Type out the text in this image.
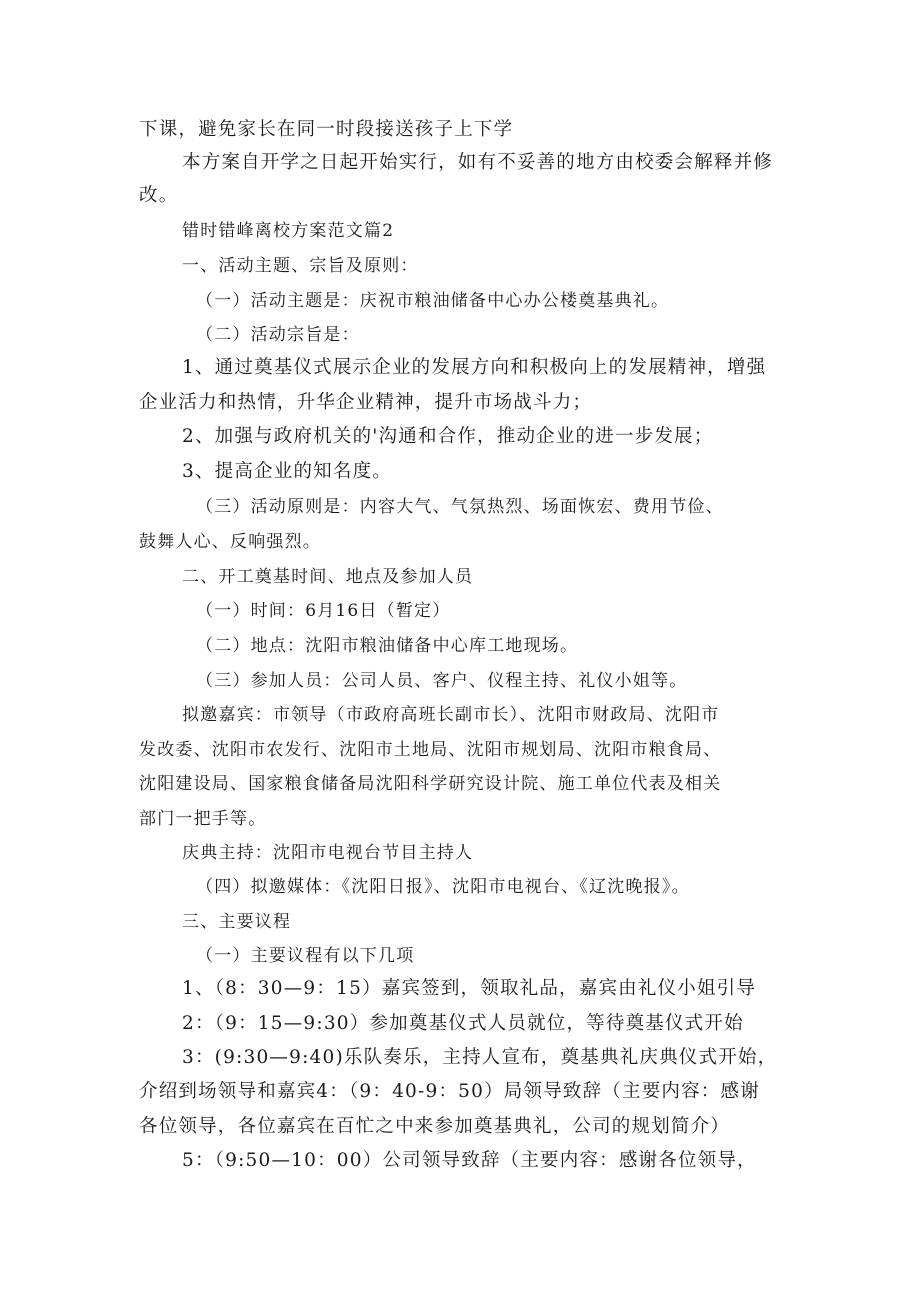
下课，避免家长在同一时段接送孩子上下学
本方案自开学之日起开始实行，如有不妥善的地方由校委会解释并修
改。
错时错峰离校方案范文篇2
一、活动主题、宗旨及原则：
（一）活动主题是：庆祝市粮油储备中心办公楼奠基典礼。
（二）活动宗旨是：
1、通过奠基仪式展示企业的发展方向和积极向上的发展精神，增强
企业活力和热情，升华企业精神，提升市场战斗力；
2、加强与政府机关的'沟通和合作，推动企业的进一步发展；
3、提高企业的知名度。
（三）活动原则是：内容大气、气氛热烈、场面恢宏、费用节俭、
鼓舞人心、反响强烈。
二、开工奠基时间、地点及参加人员
（一）时间：6月16日（暂定）
（二）地点：沈阳市粮油储备中心库工地现场。
（三）参加人员：公司人员、客户、仪程主持、礼仪小姐等。
拟邀嘉宾：市领导（市政府高班长副市长）、沈阳市财政局、沈阳市
发改委、沈阳市农发行、沈阳市土地局、沈阳市规划局、沈阳市粮食局、
沈阳建设局、国家粮食储备局沈阳科学研究设计院、施工单位代表及相关
部门一把手等。
庆典主持：沈阳市电视台节目主持人
（四）拟邀媒体：《沈阳日报》、沈阳市电视台、《辽沈晚报》。
三、主要议程
（一）主要议程有以下几项
1、（8：30—9：15）嘉宾签到，领取礼品，嘉宾由礼仪小姐引导
2：（9：15—9:30）参加奠基仪式人员就位，等待奠基仪式开始
3：(9:30—9:40)乐队奏乐，主持人宣布，奠基典礼庆典仪式开始，
介绍到场领导和嘉宾4：（9：40-9：50）局领导致辞（主要内容：感谢
各位领导，各位嘉宾在百忙之中来参加奠基典礼，公司的规划简介）
5：（9:50—10：00）公司领导致辞（主要内容：感谢各位领导，
